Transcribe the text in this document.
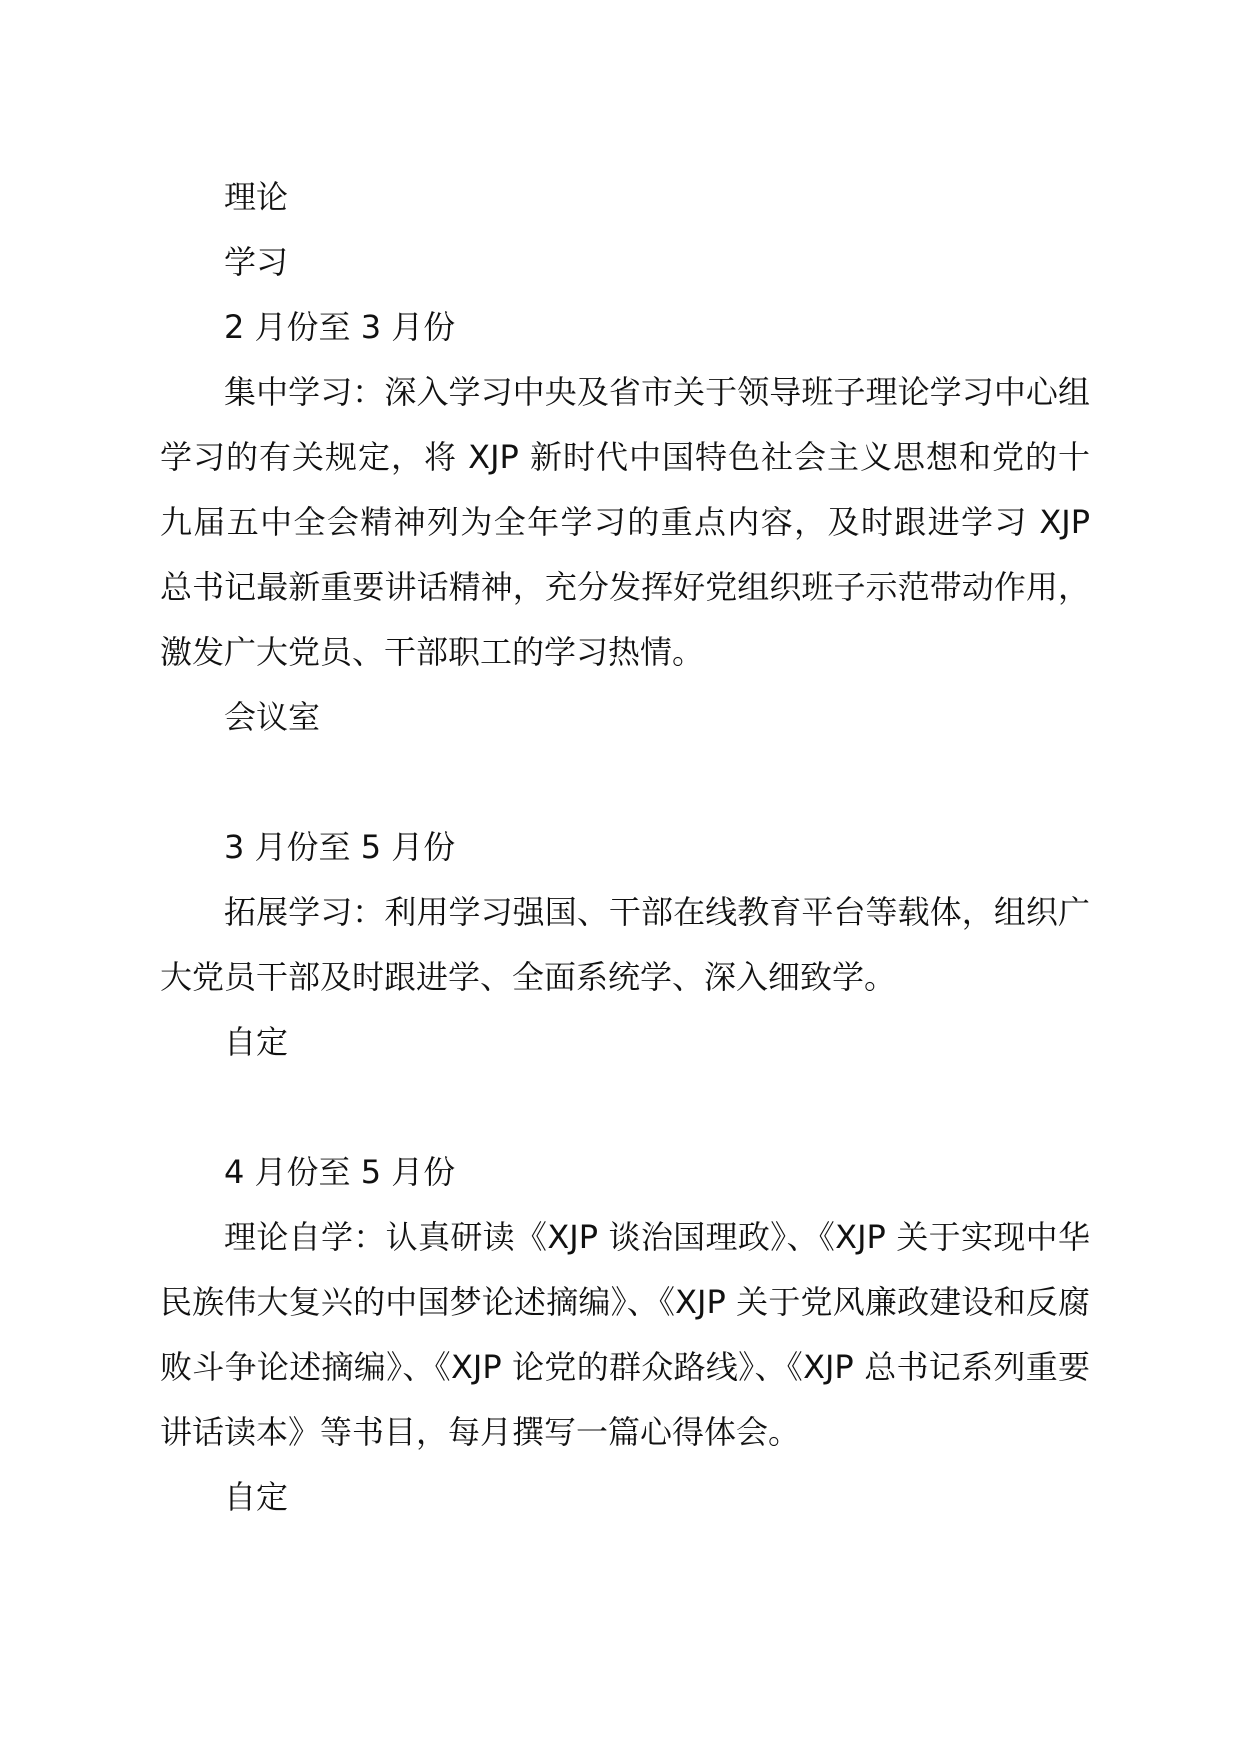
理论

学习

2 月份至 3 月份

集中学习：深入学习中央及省市关于领导班子理论学习中心组学习的有关规定，将 XJP 新时代中国特色社会主义思想和党的十九届五中全会精神列为全年学习的重点内容，及时跟进学习 XJP 总书记最新重要讲话精神，充分发挥好党组织班子示范带动作用，激发广大党员、干部职工的学习热情。

会议室

3 月份至 5 月份

拓展学习：利用学习强国、干部在线教育平台等载体，组织广大党员干部及时跟进学、全面系统学、深入细致学。

自定

4 月份至 5 月份

理论自学：认真研读《XJP 谈治国理政》、《XJP 关于实现中华民族伟大复兴的中国梦论述摘编》、《XJP 关于党风廉政建设和反腐败斗争论述摘编》、《XJP 论党的群众路线》、《XJP 总书记系列重要讲话读本》等书目，每月撰写一篇心得体会。

自定
